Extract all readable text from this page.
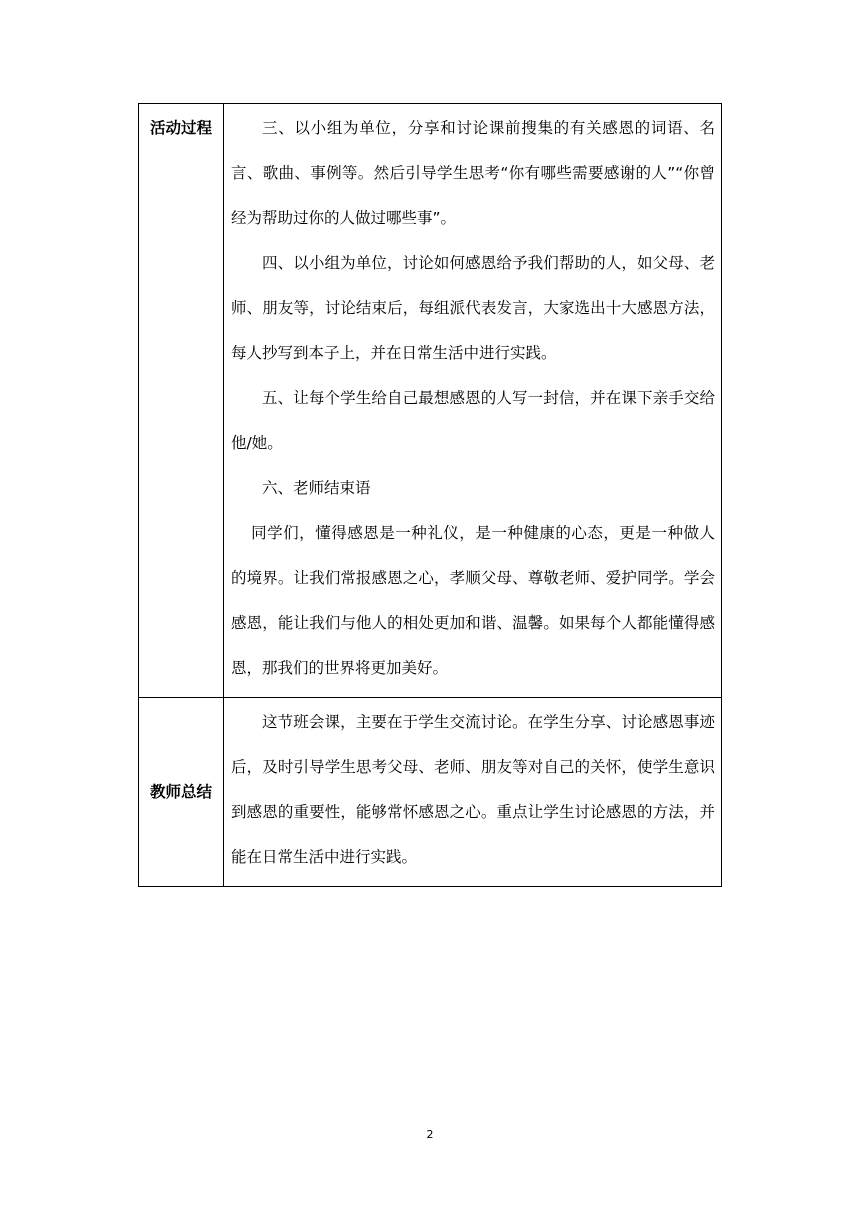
活动过程	三、以小组为单位，分享和讨论课前搜集的有关感恩的词语、名言、歌曲、事例等。然后引导学生思考“你有哪些需要感谢的人”“你曾经为帮助过你的人做过哪些事”。

四、以小组为单位，讨论如何感恩给予我们帮助的人，如父母、老师、朋友等，讨论结束后，每组派代表发言，大家选出十大感恩方法，每人抄写到本子上，并在日常生活中进行实践。

五、让每个学生给自己最想感恩的人写一封信，并在课下亲手交给他/她。

六、老师结束语

同学们，懂得感恩是一种礼仪，是一种健康的心态，更是一种做人的境界。让我们常报感恩之心，孝顺父母、尊敬老师、爱护同学。学会感恩，能让我们与他人的相处更加和谐、温馨。如果每个人都能懂得感恩，那我们的世界将更加美好。

教师总结	这节班会课，主要在于学生交流讨论。在学生分享、讨论感恩事迹后，及时引导学生思考父母、老师、朋友等对自己的关怀，使学生意识到感恩的重要性，能够常怀感恩之心。重点让学生讨论感恩的方法，并能在日常生活中进行实践。

2
